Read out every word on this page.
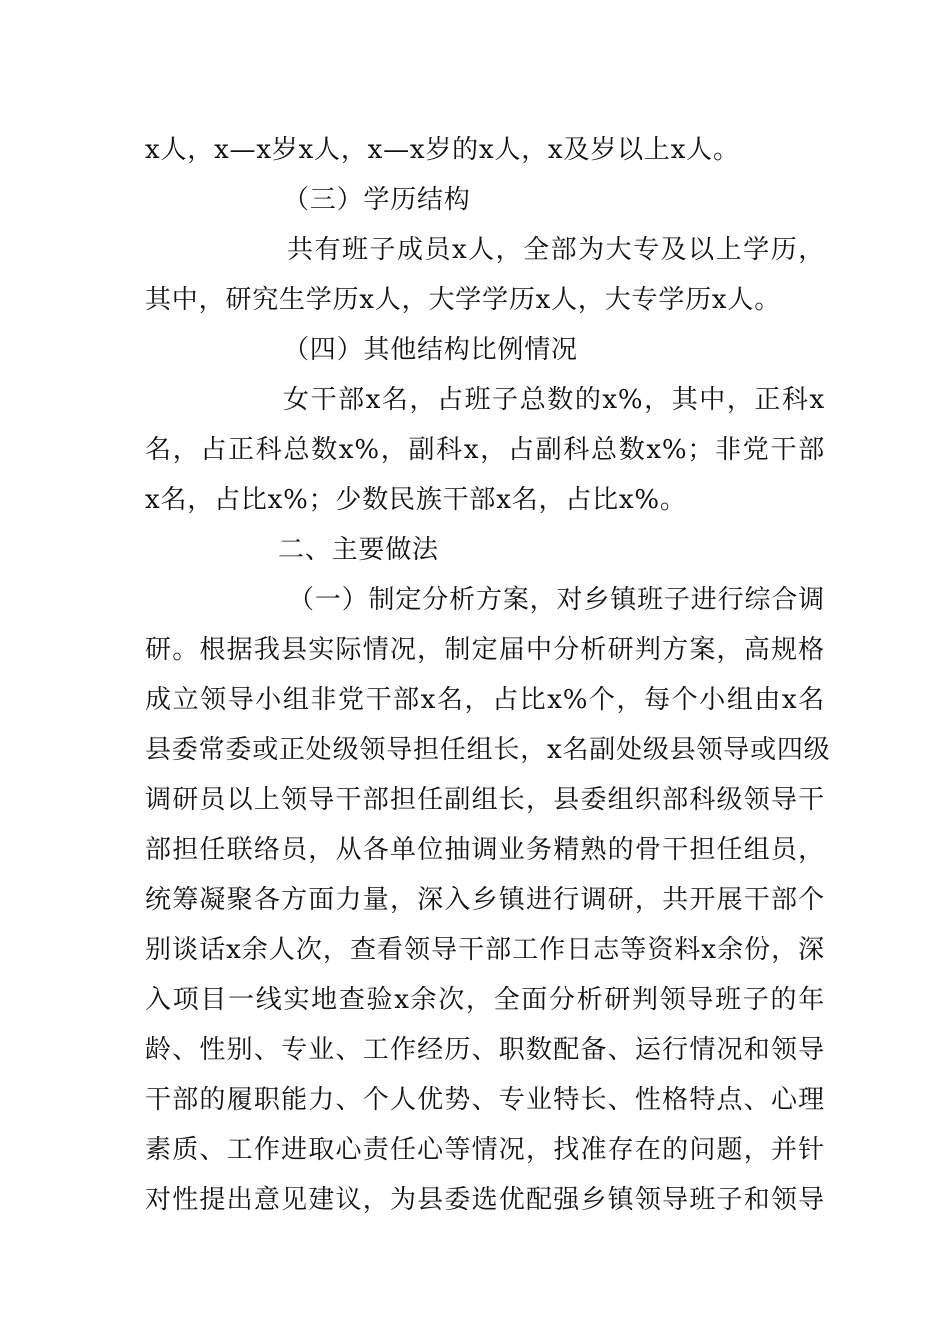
x人，x—x岁x人，x—x岁的x人，x及岁以上x人。
（三）学历结构
共有班子成员x人，全部为大专及以上学历，
其中，研究生学历x人，大学学历x人，大专学历x人。
（四）其他结构比例情况
女干部x名，占班子总数的x%，其中，正科x
名，占正科总数x%，副科x，占副科总数x%；非党干部
x名，占比x%；少数民族干部x名，占比x%。
二、主要做法
（一）制定分析方案，对乡镇班子进行综合调
研。根据我县实际情况，制定届中分析研判方案，高规格
成立领导小组非党干部x名，占比x%个，每个小组由x名
县委常委或正处级领导担任组长，x名副处级县领导或四级
调研员以上领导干部担任副组长，县委组织部科级领导干
部担任联络员，从各单位抽调业务精熟的骨干担任组员，
统筹凝聚各方面力量，深入乡镇进行调研，共开展干部个
别谈话x余人次，查看领导干部工作日志等资料x余份，深
入项目一线实地查验x余次，全面分析研判领导班子的年
龄、性别、专业、工作经历、职数配备、运行情况和领导
干部的履职能力、个人优势、专业特长、性格特点、心理
素质、工作进取心责任心等情况，找准存在的问题，并针
对性提出意见建议，为县委选优配强乡镇领导班子和领导
